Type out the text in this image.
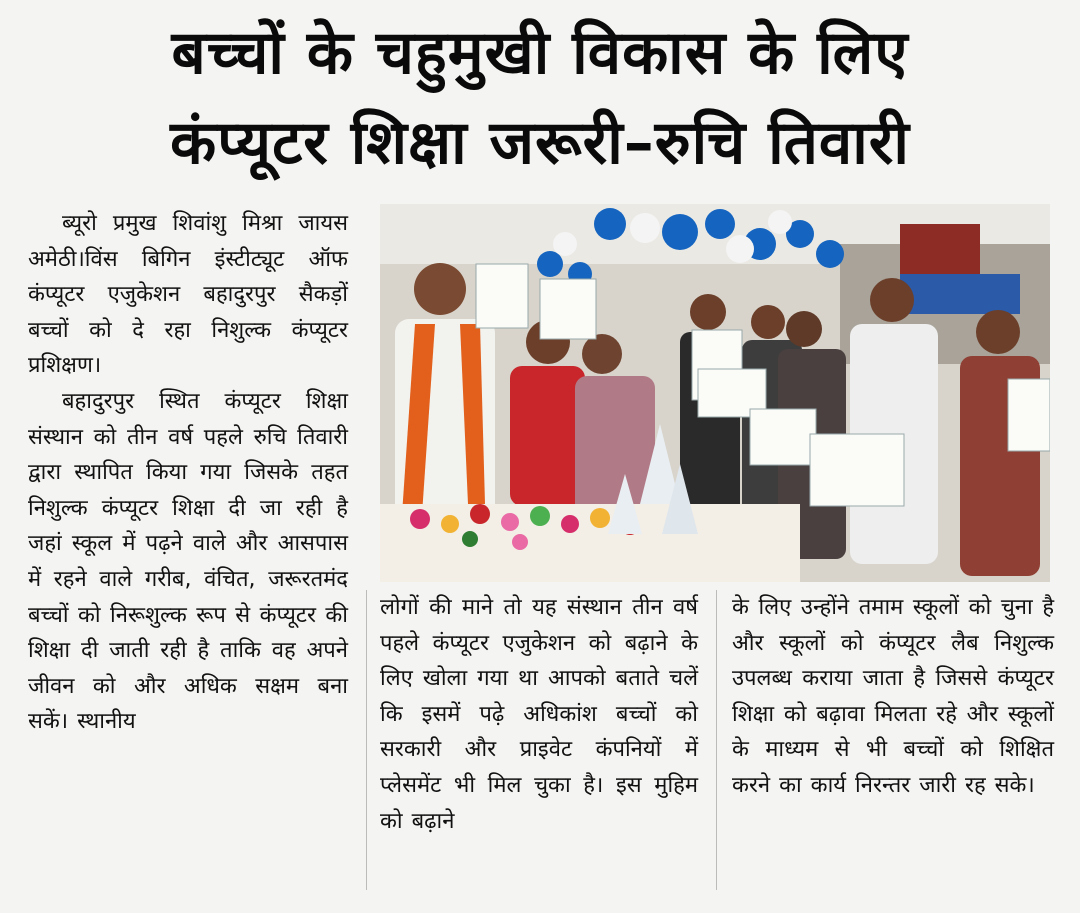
बच्चों के चहुमुखी विकास के लिए
कंप्यूटर शिक्षा जरूरी–रुचि तिवारी

ब्यूरो प्रमुख शिवांशु मिश्रा जायस अमेठी।विंस बिगिन इंस्टीट्यूट ऑफ कंप्यूटर एजुकेशन बहादुरपुर सैकड़ों बच्चों को दे रहा निशुल्क कंप्यूटर प्रशिक्षण।

बहादुरपुर स्थित कंप्यूटर शिक्षा संस्थान को तीन वर्ष पहले रुचि तिवारी द्वारा स्थापित किया गया जिसके तहत निशुल्क कंप्यूटर शिक्षा दी जा रही है जहां स्कूल में पढ़ने वाले और आसपास में रहने वाले गरीब, वंचित, जरूरतमंद बच्चों को निरूशुल्क रूप से कंप्यूटर की शिक्षा दी जाती रही है ताकि वह अपने जीवन को और अधिक सक्षम बना सकें। स्थानीय

लोगों की माने तो यह संस्थान तीन वर्ष पहले कंप्यूटर एजुकेशन को बढ़ाने के लिए खोला गया था आपको बताते चलें कि इसमें पढ़े अधिकांश बच्चों को सरकारी और प्राइवेट कंपनियों में प्लेसमेंट भी मिल चुका है। इस मुहिम को बढ़ाने

के लिए उन्होंने तमाम स्कूलों को चुना है और स्कूलों को कंप्यूटर लैब निशुल्क उपलब्ध कराया जाता है जिससे कंप्यूटर शिक्षा को बढ़ावा मिलता रहे और स्कूलों के माध्यम से भी बच्चों को शिक्षित करने का कार्य निरन्तर जारी रह सके।
